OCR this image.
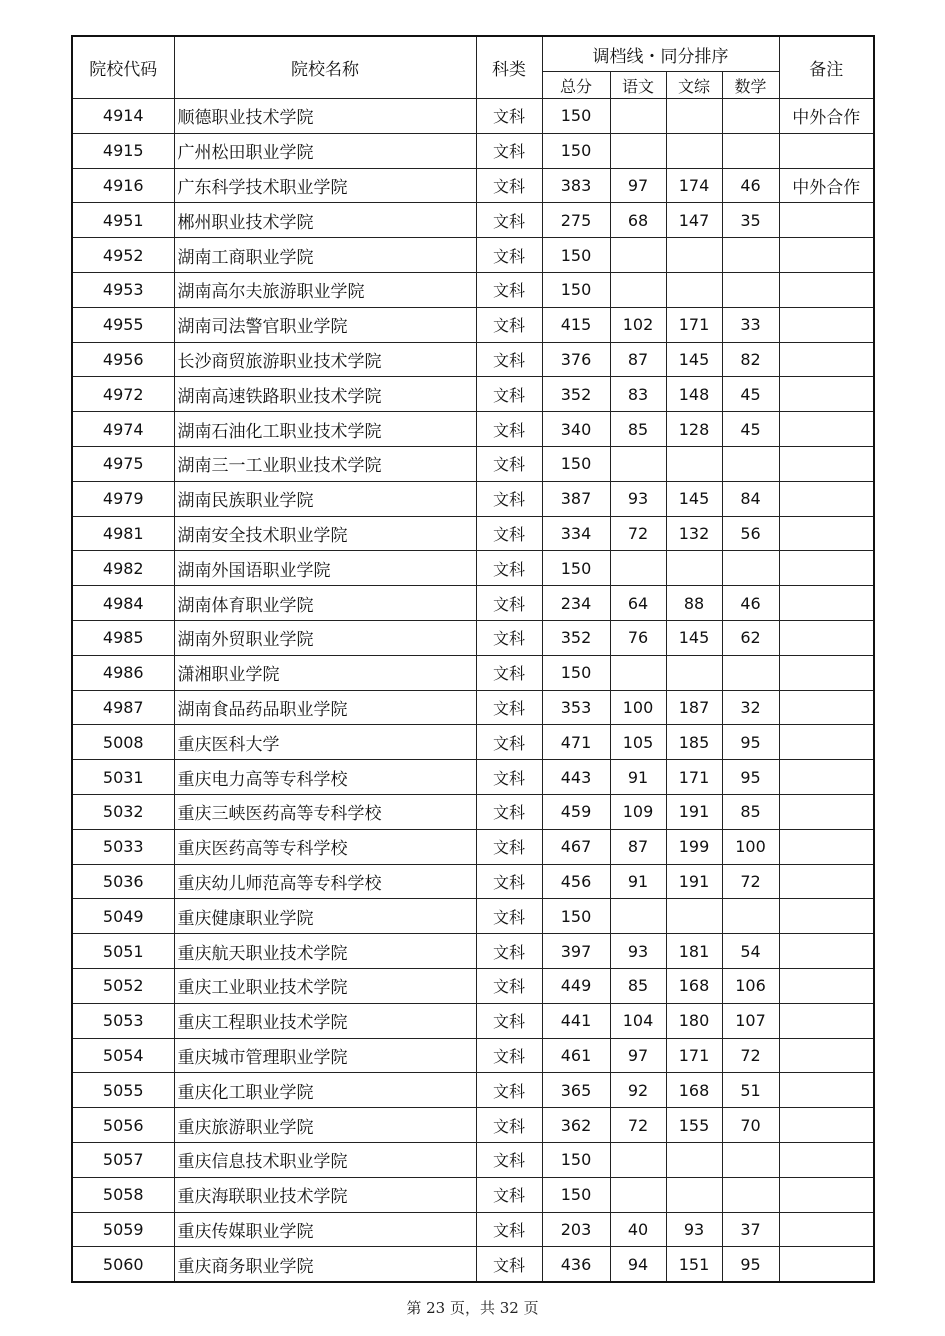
院校代码	院校名称	科类	调档线・同分排序				备注
			总分	语文	文综	数学	
4914	顺德职业技术学院	文科	150				中外合作
4915	广州松田职业学院	文科	150				
4916	广东科学技术职业学院	文科	383	97	174	46	中外合作
4951	郴州职业技术学院	文科	275	68	147	35	
4952	湖南工商职业学院	文科	150				
4953	湖南高尔夫旅游职业学院	文科	150				
4955	湖南司法警官职业学院	文科	415	102	171	33	
4956	长沙商贸旅游职业技术学院	文科	376	87	145	82	
4972	湖南高速铁路职业技术学院	文科	352	83	148	45	
4974	湖南石油化工职业技术学院	文科	340	85	128	45	
4975	湖南三一工业职业技术学院	文科	150				
4979	湖南民族职业学院	文科	387	93	145	84	
4981	湖南安全技术职业学院	文科	334	72	132	56	
4982	湖南外国语职业学院	文科	150				
4984	湖南体育职业学院	文科	234	64	88	46	
4985	湖南外贸职业学院	文科	352	76	145	62	
4986	潇湘职业学院	文科	150				
4987	湖南食品药品职业学院	文科	353	100	187	32	
5008	重庆医科大学	文科	471	105	185	95	
5031	重庆电力高等专科学校	文科	443	91	171	95	
5032	重庆三峡医药高等专科学校	文科	459	109	191	85	
5033	重庆医药高等专科学校	文科	467	87	199	100	
5036	重庆幼儿师范高等专科学校	文科	456	91	191	72	
5049	重庆健康职业学院	文科	150				
5051	重庆航天职业技术学院	文科	397	93	181	54	
5052	重庆工业职业技术学院	文科	449	85	168	106	
5053	重庆工程职业技术学院	文科	441	104	180	107	
5054	重庆城市管理职业学院	文科	461	97	171	72	
5055	重庆化工职业学院	文科	365	92	168	51	
5056	重庆旅游职业学院	文科	362	72	155	70	
5057	重庆信息技术职业学院	文科	150				
5058	重庆海联职业技术学院	文科	150				
5059	重庆传媒职业学院	文科	203	40	93	37	
5060	重庆商务职业学院	文科	436	94	151	95	
第 23 页，共 32 页
